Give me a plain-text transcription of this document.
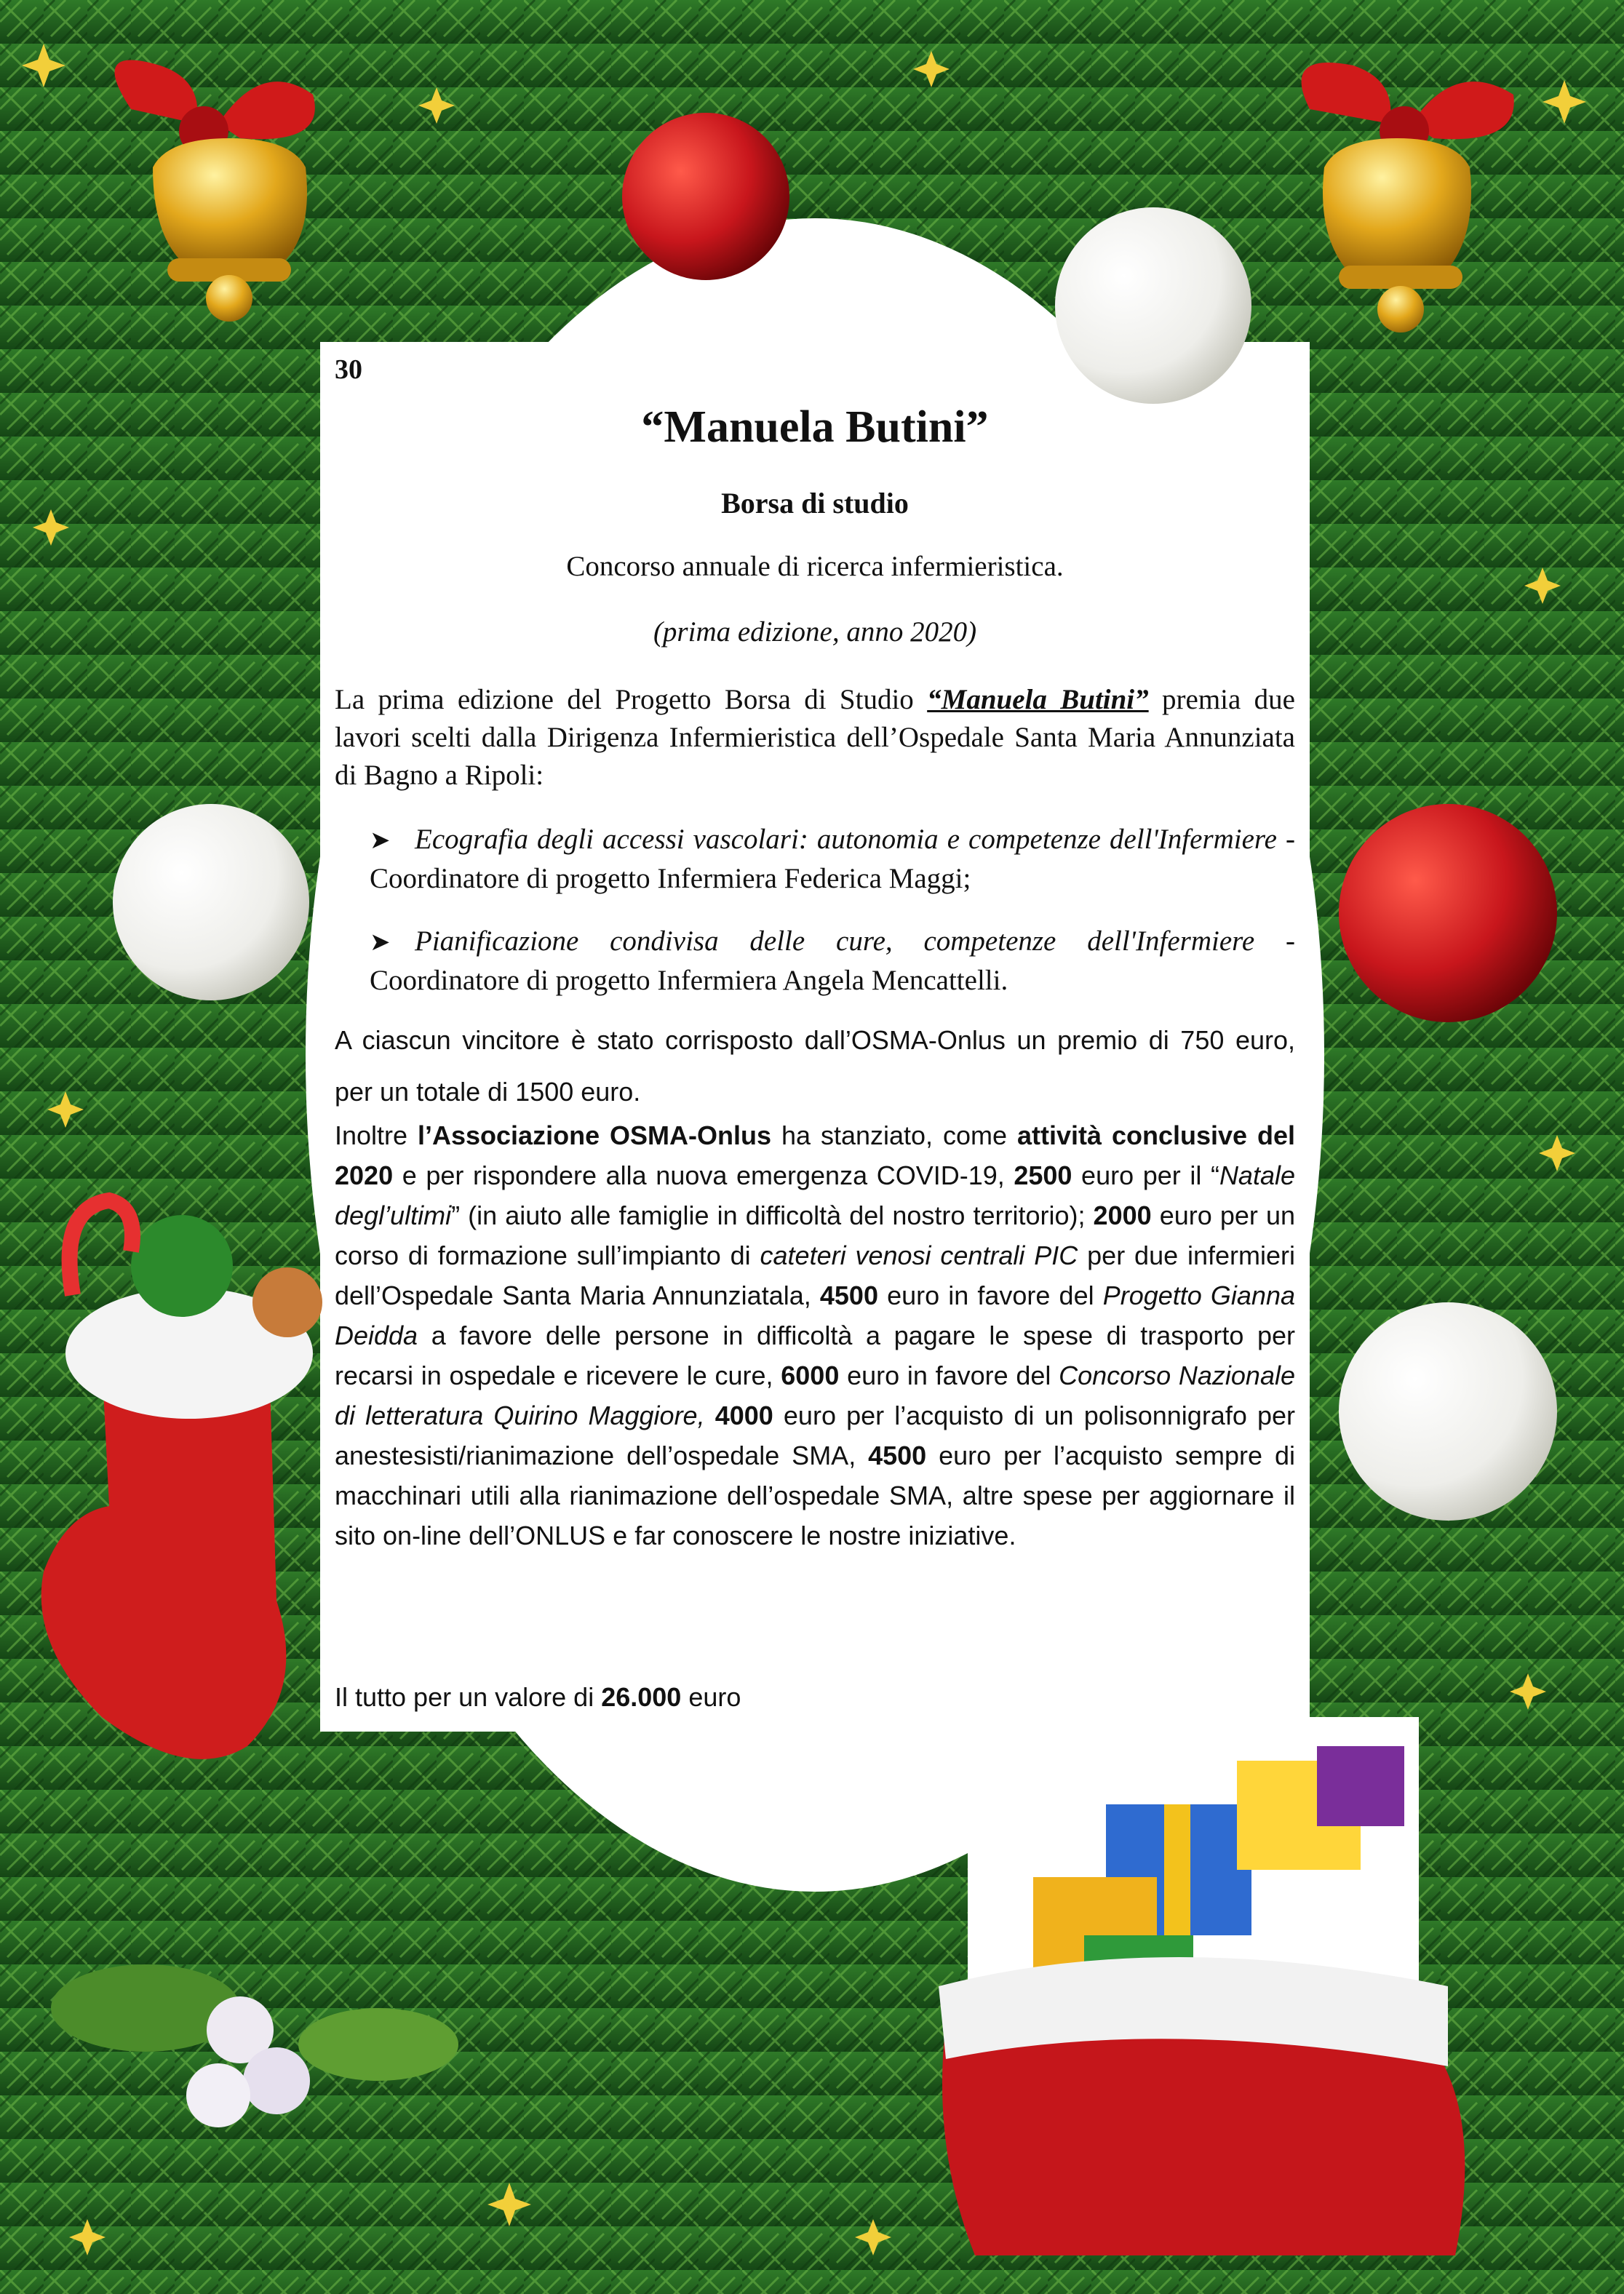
30
“Manuela Butini”
Borsa di studio
Concorso annuale di ricerca infermieristica.
(prima edizione, anno 2020)
La prima edizione del Progetto Borsa di Studio “Manuela Butini” premia due lavori scelti dalla Dirigenza Infermieristica dell’Ospedale Santa Maria Annunziata di Bagno a Ripoli:
➤ Ecografia degli accessi vascolari: autonomia e competenze dell'Infermiere - Coordinatore di progetto Infermiera Federica Maggi;
➤ Pianificazione condivisa delle cure, competenze dell'Infermiere - Coordinatore di progetto Infermiera Angela Mencattelli.
A ciascun vincitore è stato corrisposto dall’OSMA-Onlus un premio di 750 euro, per un totale di 1500 euro.
Inoltre l’Associazione OSMA-Onlus ha stanziato, come attività conclusive del 2020 e per rispondere alla nuova emergenza COVID-19, 2500 euro per il “Natale degl’ultimi” (in aiuto alle famiglie in difficoltà del nostro territorio); 2000 euro per un corso di formazione sull’impianto di cateteri venosi centrali PIC per due infermieri dell’Ospedale Santa Maria Annunziatala, 4500 euro in favore del Progetto Gianna Deidda a favore delle persone in difficoltà a pagare le spese di trasporto per recarsi in ospedale e ricevere le cure, 6000 euro in favore del Concorso Nazionale di letteratura Quirino Maggiore, 4000 euro per l’acquisto di un polisonnigrafo per anestesisti/rianimazione dell’ospedale SMA, 4500 euro per l’acquisto sempre di macchinari utili alla rianimazione dell’ospedale SMA, altre spese per aggiornare il sito on-line dell’ONLUS e far conoscere le nostre iniziative.
Il tutto per un valore di 26.000 euro
